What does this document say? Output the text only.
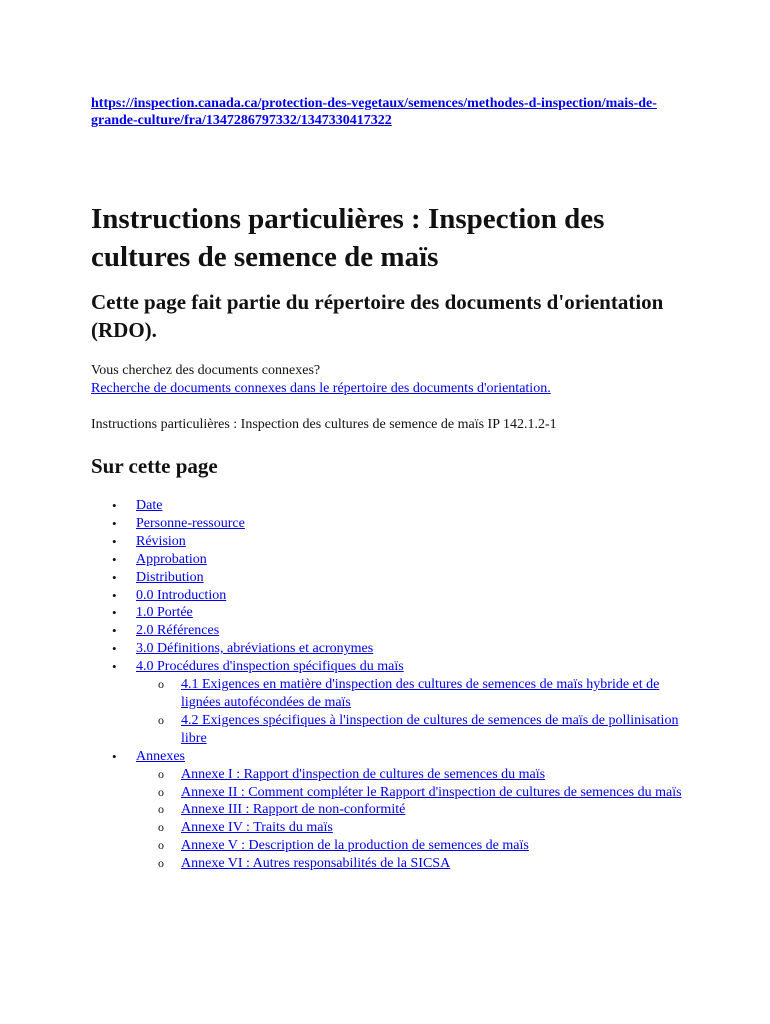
https://inspection.canada.ca/protection-des-vegetaux/semences/methodes-d-inspection/mais-de-grande-culture/fra/1347286797332/1347330417322
Instructions particulières : Inspection des cultures de semence de maïs
Cette page fait partie du répertoire des documents d'orientation (RDO).
Vous cherchez des documents connexes?
Recherche de documents connexes dans le répertoire des documents d'orientation.
Instructions particulières : Inspection des cultures de semence de maïs IP 142.1.2-1
Sur cette page
• Date
• Personne-ressource
• Révision
• Approbation
• Distribution
• 0.0 Introduction
• 1.0 Portée
• 2.0 Références
• 3.0 Définitions, abréviations et acronymes
• 4.0 Procédures d'inspection spécifiques du maïs
o 4.1 Exigences en matière d'inspection des cultures de semences de maïs hybride et de lignées autofécondées de maïs
o 4.2 Exigences spécifiques à l'inspection de cultures de semences de maïs de pollinisation libre
• Annexes
o Annexe I : Rapport d'inspection de cultures de semences du maïs
o Annexe II : Comment compléter le Rapport d'inspection de cultures de semences du maïs
o Annexe III : Rapport de non-conformité
o Annexe IV : Traits du maïs
o Annexe V : Description de la production de semences de maïs
o Annexe VI : Autres responsabilités de la SICSA
